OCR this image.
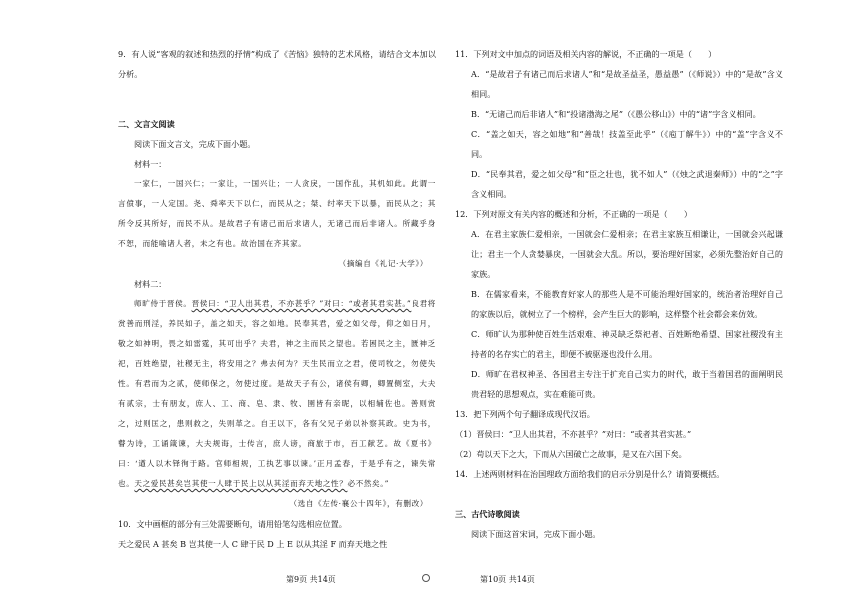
9．有人说“客观的叙述和热烈的抒情”构成了《苦恼》独特的艺术风格，请结合文本加以分析。

二、文言文阅读

阅读下面文言文，完成下面小题。

材料一：

一家仁，一国兴仁；一家让，一国兴让；一人贪戾，一国作乱，其机如此。此谓一言偾事，一人定国。尧、舜率天下以仁，而民从之；桀、纣率天下以暴，而民从之；其所令反其所好，而民不从。是故君子有诸己而后求诸人，无诸己而后非诸人。所藏乎身不恕，而能喻诸人者，未之有也。故治国在齐其家。

（摘编自《礼记·大学》）

材料二：

师旷侍于晋侯。晋侯曰：“卫人出其君，不亦甚乎？”对曰：“或者其君实甚。”良君将赏善而刑淫，养民如子，盖之如天，容之如地。民奉其君，爱之如父母，仰之如日月，敬之如神明，畏之如雷霆，其可出乎？夫君，神之主而民之望也。若困民之主，匮神乏祀，百姓绝望，社稷无主，将安用之？弗去何为？天生民而立之君，使司牧之，勿使失性。有君而为之贰，使师保之，勿使过度。是故天子有公，诸侯有卿，卿置侧室，大夫有贰宗，士有朋友，庶人、工、商、皂、隶、牧、圉皆有亲昵，以相辅佐也。善则赏之，过则匡之，患则救之，失则革之。自王以下，各有父兄子弟以补察其政。史为书，瞽为诗，工诵箴谏，大夫规诲，士传言，庶人谤，商旅于市，百工献艺。故《夏书》曰：‘遒人以木铎徇于路。官师相规，工执艺事以谏。’正月孟春，于是乎有之，谏失常也。天之爱民甚矣岂其使一人肆于民上以从其淫而弃天地之性？必不然矣。”

（选自《左传·襄公十四年》，有删改）

10．文中画框的部分有三处需要断句，请用铅笔勾选相应位置。

天之爱民 A 甚矣 B 岂其使一人 C 肆于民 D 上 E 以从其淫 F 而弃天地之性

11．下列对文中加点的词语及相关内容的解说，不正确的一项是（　　）

A．“是故君子有诸己而后求诸人”和“是故圣益圣，愚益愚”（《师说》）中的“是故”含义相同。

B．“无诸己而后非诸人”和“投诸渤海之尾”（《愚公移山》）中的“诸”字含义相同。

C．“盖之如天，容之如地”和“善哉！技盖至此乎”（《庖丁解牛》）中的“盖”字含义不同。

D．“民奉其君，爱之如父母”和“臣之壮也，犹不如人”（《烛之武退秦师》）中的“之”字含义相同。

12．下列对原文有关内容的概述和分析，不正确的一项是（　　）

A．在君主家族仁爱相亲，一国就会仁爱相亲；在君主家族互相谦让，一国就会兴起谦让；君主一个人贪婪暴戾，一国就会大乱。所以，要治理好国家，必须先整治好自己的家族。

B．在儒家看来，不能教育好家人的那些人是不可能治理好国家的，统治者治理好自己的家族以后，就树立了一个榜样，会产生巨大的影响，这样整个社会都会来仿效。

C．师旷认为那种使百姓生活艰难、神灵缺乏祭祀者、百姓断绝希望、国家社稷没有主持者的名存实亡的君主，即便不被驱逐也没什么用。

D．师旷在君权神圣、各国君主专注于扩充自己实力的时代，敢于当着国君的面阐明民贵君轻的思想观点，实在难能可贵。

13．把下列两个句子翻译成现代汉语。

（1）晋侯曰：“卫人出其君，不亦甚乎？”对曰：“或者其君实甚。”

（2）苟以天下之大，下而从六国破亡之故事，是又在六国下矣。

14．上述两则材料在治国理政方面给我们的启示分别是什么？请简要概括。

三、古代诗歌阅读

阅读下面这首宋词，完成下面小题。

第9页 共14页	第10页 共14页
